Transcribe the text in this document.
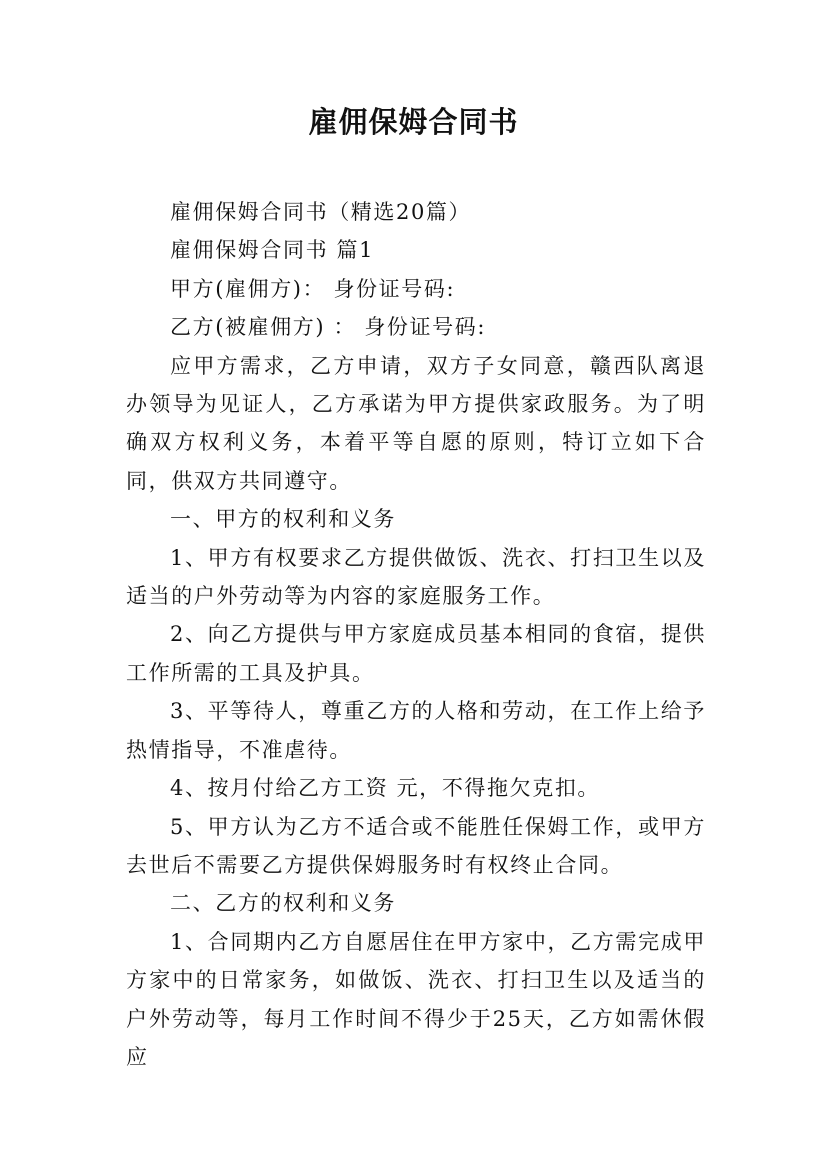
雇佣保姆合同书

雇佣保姆合同书（精选20篇）

雇佣保姆合同书 篇1

甲方(雇佣方)： 身份证号码:

乙方(被雇佣方) ： 身份证号码:

应甲方需求，乙方申请，双方子女同意，赣西队离退办领导为见证人，乙方承诺为甲方提供家政服务。为了明确双方权利义务，本着平等自愿的原则，特订立如下合同，供双方共同遵守。

一、甲方的权利和义务

1、甲方有权要求乙方提供做饭、洗衣、打扫卫生以及适当的户外劳动等为内容的家庭服务工作。

2、向乙方提供与甲方家庭成员基本相同的食宿，提供工作所需的工具及护具。

3、平等待人，尊重乙方的人格和劳动，在工作上给予热情指导，不准虐待。

4、按月付给乙方工资 元，不得拖欠克扣。

5、甲方认为乙方不适合或不能胜任保姆工作，或甲方去世后不需要乙方提供保姆服务时有权终止合同。

二、乙方的权利和义务

1、合同期内乙方自愿居住在甲方家中，乙方需完成甲方家中的日常家务，如做饭、洗衣、打扫卫生以及适当的户外劳动等，每月工作时间不得少于25天，乙方如需休假应
